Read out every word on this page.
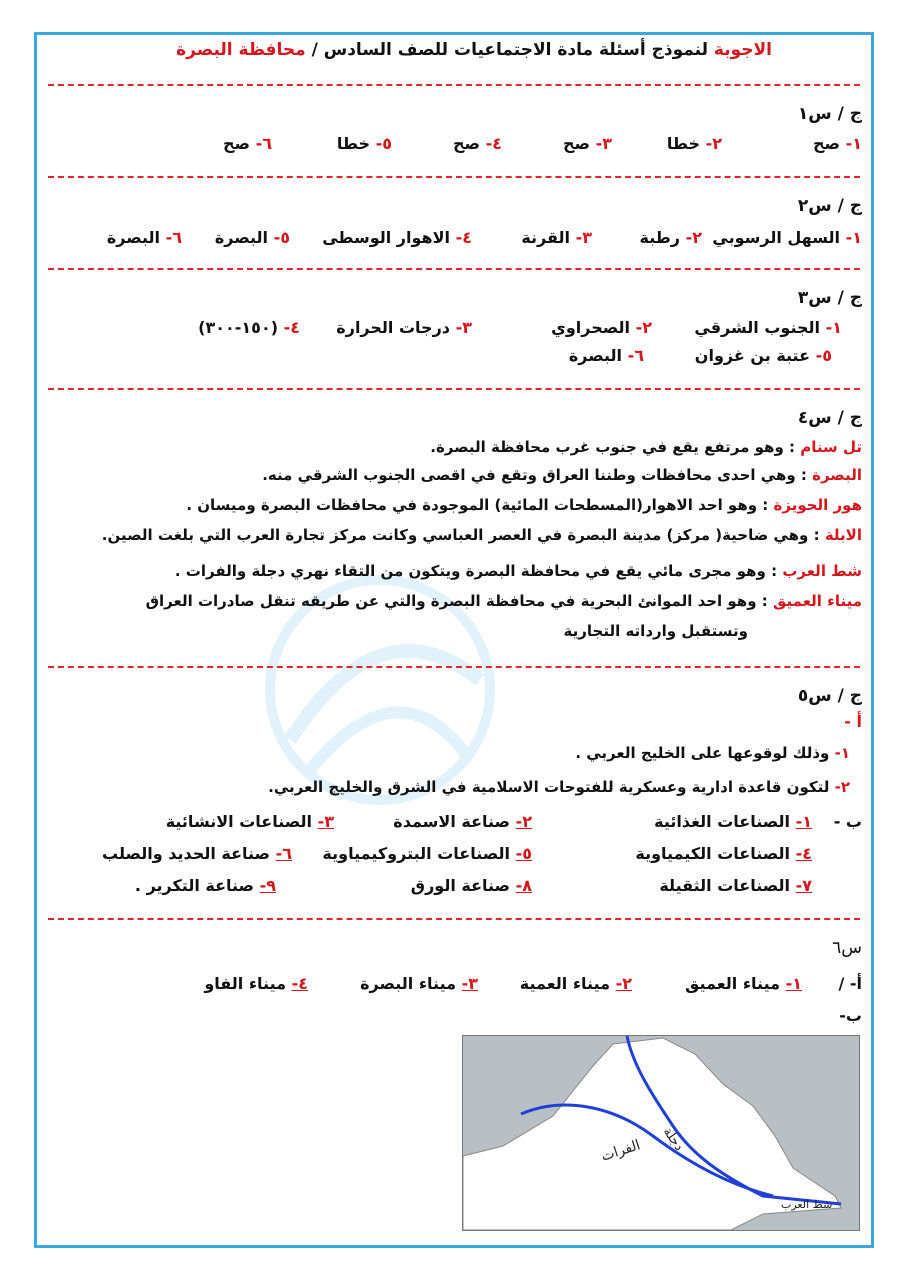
الاجوبة لنموذج أسئلة مادة الاجتماعيات للصف السادس / محافظة البصرة
ج / س١
١- صح
٢- خطا
٣- صح
٤- صح
٥- خطا
٦- صح
ج / س٢
١- السهل الرسوبي
٢- رطبة
٣- القرنة
٤- الاهوار الوسطى
٥- البصرة
٦- البصرة
ج / س٣
١- الجنوب الشرقي
٢- الصحراوي
٣- درجات الحرارة
٤- (١٥٠-٣٠٠)
٥- عتبة بن غزوان
٦- البصرة
ج / س٤
تل سنام : وهو مرتفع يقع في جنوب غرب محافظة البصرة.
البصرة : وهي احدى محافظات وطننا العراق وتقع في اقصى الجنوب الشرقي منه.
هور الحويزة : وهو احد الاهوار(المسطحات المائية) الموجودة في محافظات البصرة وميسان .
الابلة : وهي ضاحية( مركز) مدينة البصرة في العصر العباسي وكانت مركز تجارة العرب التي بلغت الصين.
شط العرب : وهو مجرى مائي يقع في محافظة البصرة ويتكون من التقاء نهري دجلة والفرات .
ميناء العميق : وهو احد الموانئ البحرية في محافظة البصرة والتي عن طريقه تنقل صادرات العراق
وتستقبل وارداته التجارية
ج / س٥
أ -
١- وذلك لوقوعها على الخليج العربي .
٢- لتكون قاعدة ادارية وعسكرية للفتوحات الاسلامية في الشرق والخليج العربي.
ب -
١- الصناعات الغذائية
٢- صناعة الاسمدة
٣- الصناعات الانشائية
٤- الصناعات الكيمياوية
٥- الصناعات البتروكيمياوية
٦- صناعة الحديد والصلب
٧- الصناعات الثقيلة
٨- صناعة الورق
٩- صناعة التكرير .
س٦
أ- /
١- ميناء العميق
٢- ميناء العمية
٣- ميناء البصرة
٤- ميناء الفاو
ب-
دجلة
الفرات
شط العرب
